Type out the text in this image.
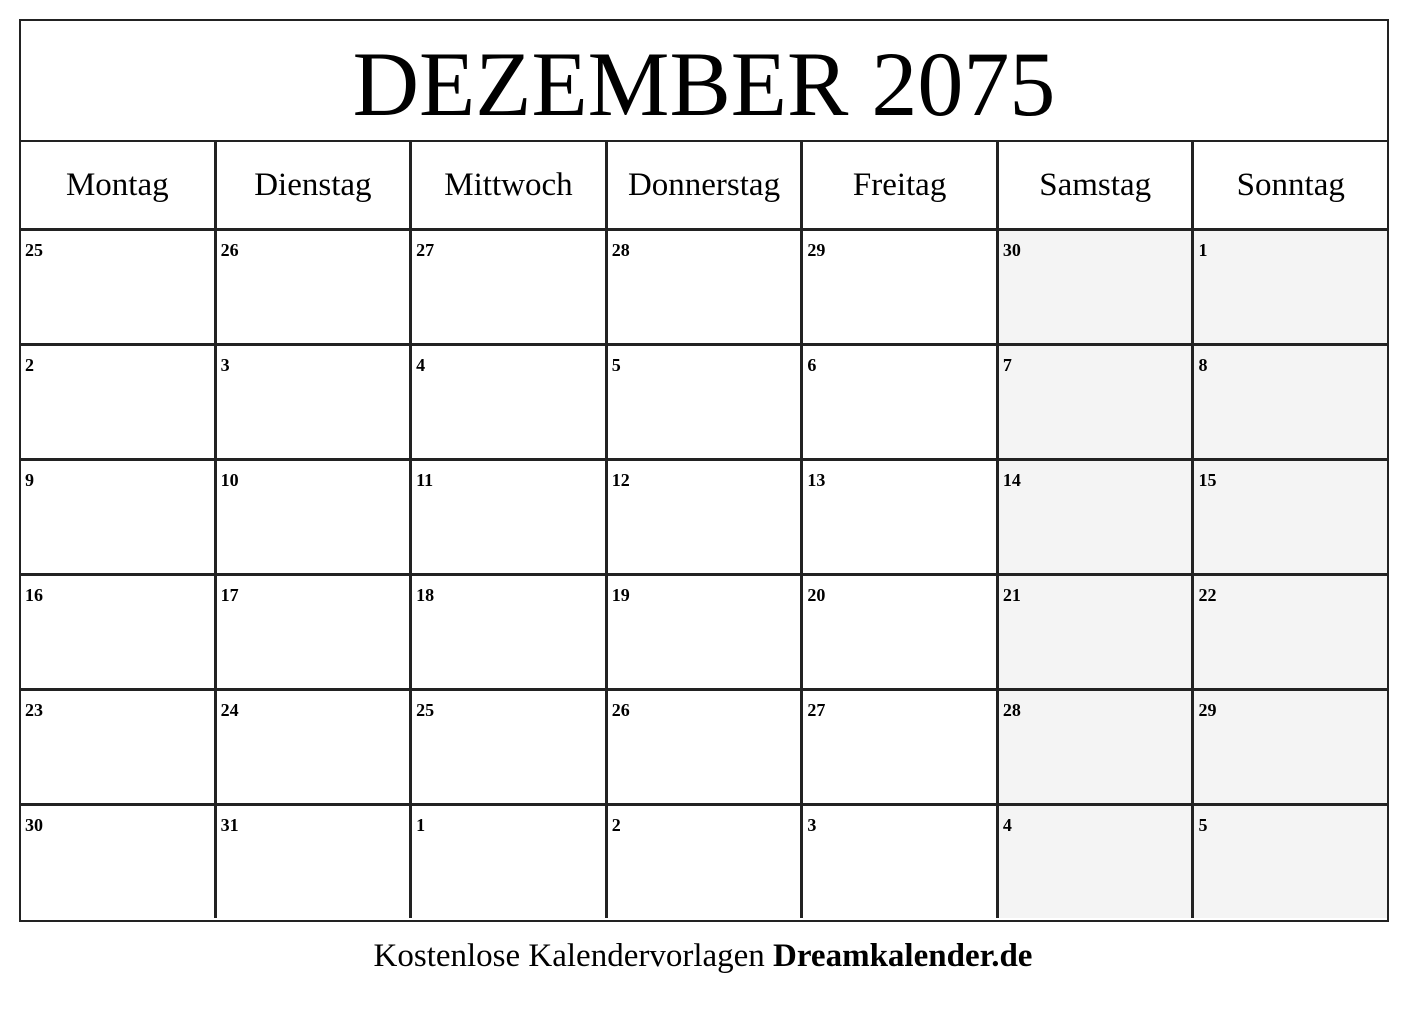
DEZEMBER 2075
Montag	Dienstag	Mittwoch	Donnerstag	Freitag	Samstag	Sonntag
25	26	27	28	29	30	1
2	3	4	5	6	7	8
9	10	11	12	13	14	15
16	17	18	19	20	21	22
23	24	25	26	27	28	29
30	31	1	2	3	4	5
Kostenlose Kalendervorlagen Dreamkalender.de
